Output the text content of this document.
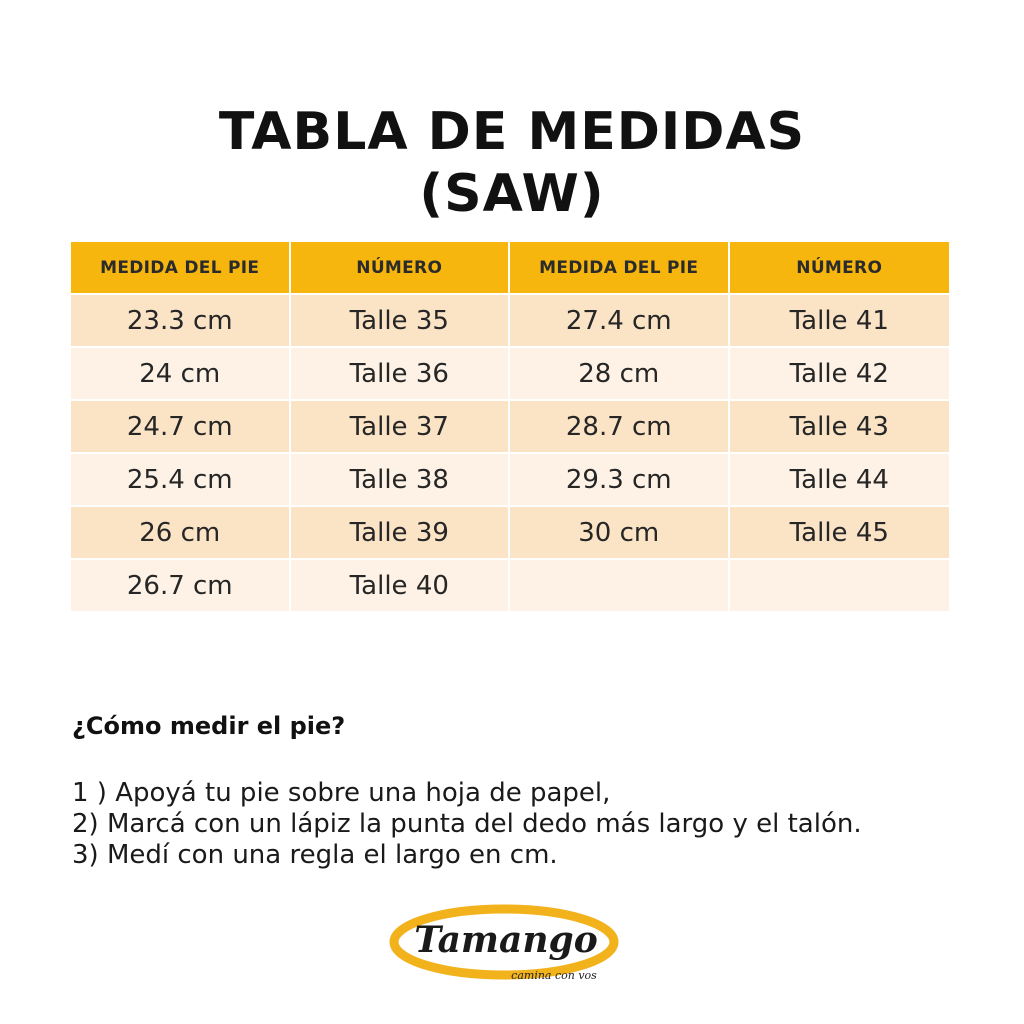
TABLA DE MEDIDAS
(SAW)
MEDIDA DEL PIE	NÚMERO	MEDIDA DEL PIE	NÚMERO
23.3 cm	Talle 35	27.4 cm	Talle 41
24 cm	Talle 36	28 cm	Talle 42
24.7 cm	Talle 37	28.7 cm	Talle 43
25.4 cm	Talle 38	29.3 cm	Talle 44
26 cm	Talle 39	30 cm	Talle 45
26.7 cm	Talle 40		
¿Cómo medir el pie?
1 ) Apoyá tu pie sobre una hoja de papel,
2) Marcá con un lápiz la punta del dedo más largo y el talón.
3) Medí con una regla el largo en cm.
Tamango
camina con vos
